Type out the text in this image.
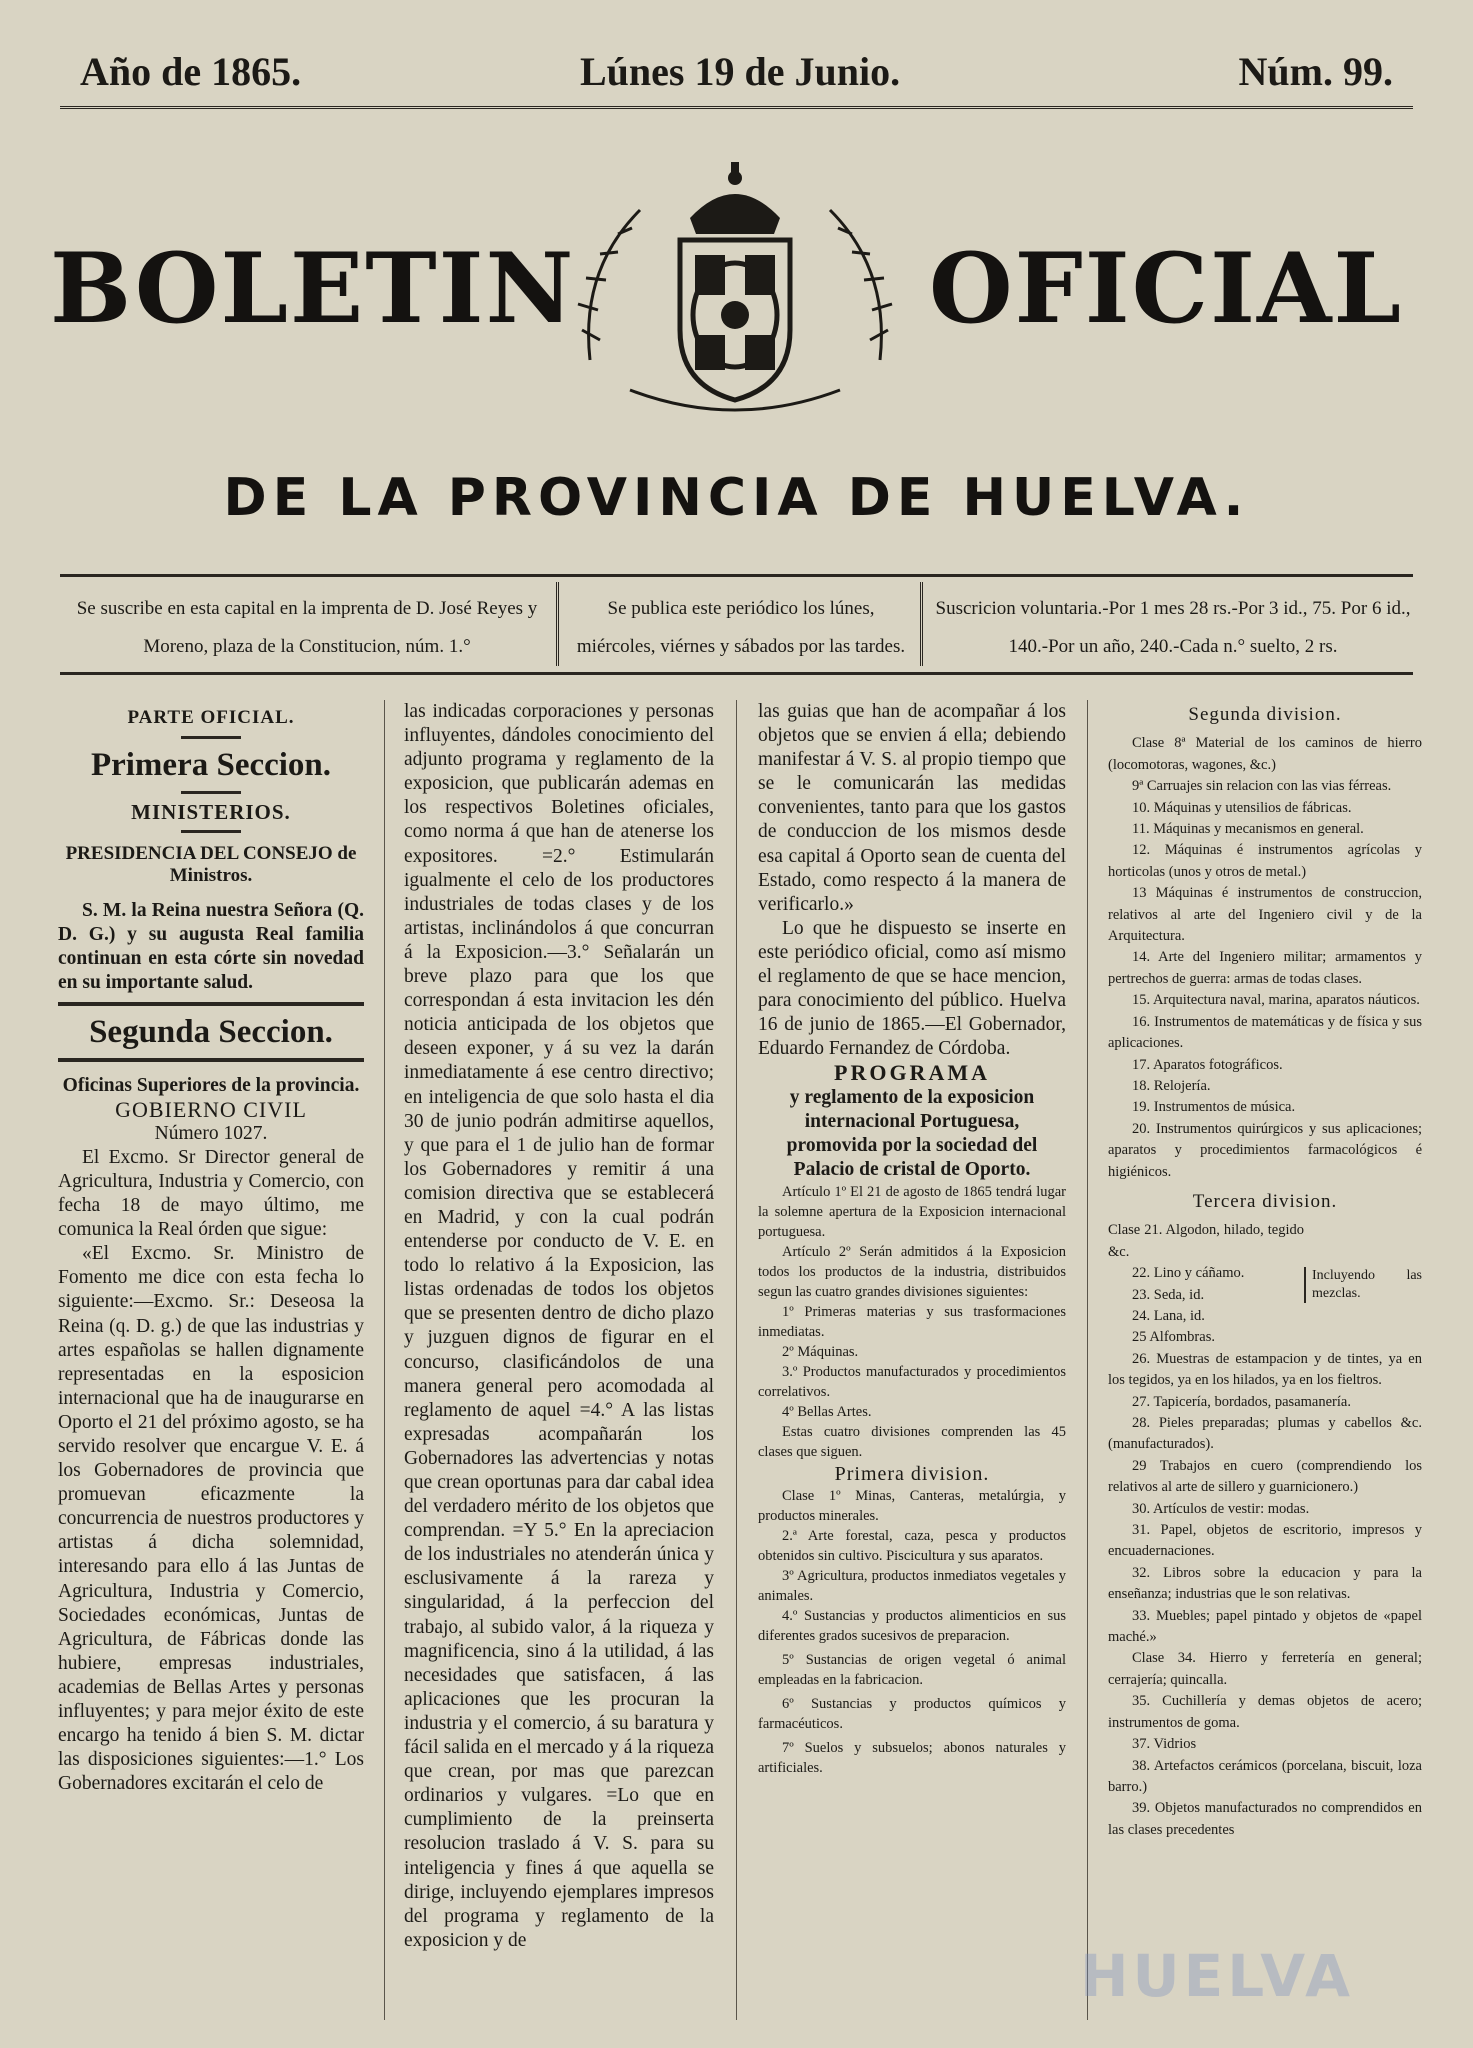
Año de 1865.	Lúnes 19 de Junio.	Núm. 99.
BOLETIN	OFICIAL
DE LA PROVINCIA DE HUELVA.
Se suscribe en esta capital en la imprenta de D. José Reyes y Moreno, plaza de la Constitucion, núm. 1.°
Se publica este periódico los lúnes, miércoles, viérnes y sábados por las tardes.
Suscricion voluntaria.-Por 1 mes 28 rs.-Por 3 id., 75. Por 6 id., 140.-Por un año, 240.-Cada n.° suelto, 2 rs.

PARTE OFICIAL.

Primera Seccion.

MINISTERIOS.

PRESIDENCIA DEL CONSEJO de Ministros.

S. M. la Reina nuestra Señora (Q. D. G.) y su augusta Real familia continuan en esta córte sin novedad en su importante salud.

Segunda Seccion.

Oficinas Superiores de la provincia.

GOBIERNO CIVIL

Número 1027.

El Excmo. Sr Director general de Agricultura, Industria y Comercio, con fecha 18 de mayo último, me comunica la Real órden que sigue:

«El Excmo. Sr. Ministro de Fomento me dice con esta fecha lo siguiente:—Excmo. Sr.: Deseosa la Reina (q. D. g.) de que las industrias y artes españolas se hallen dignamente representadas en la esposicion internacional que ha de inaugurarse en Oporto el 21 del próximo agosto, se ha servido resolver que encargue V. E. á los Gobernadores de provincia que promuevan eficazmente la concurrencia de nuestros productores y artistas á dicha solemnidad, interesando para ello á las Juntas de Agricultura, Industria y Comercio, Sociedades económicas, Juntas de Agricultura, de Fábricas donde las hubiere, empresas industriales, academias de Bellas Artes y personas influyentes; y para mejor éxito de este encargo ha tenido á bien S. M. dictar las disposiciones siguientes:—1.° Los Gobernadores excitarán el celo de

las indicadas corporaciones y personas influyentes, dándoles conocimiento del adjunto programa y reglamento de la exposicion, que publicarán ademas en los respectivos Boletines oficiales, como norma á que han de atenerse los expositores. =2.° Estimularán igualmente el celo de los productores industriales de todas clases y de los artistas, inclinándolos á que concurran á la Exposicion.—3.° Señalarán un breve plazo para que los que correspondan á esta invitacion les dén noticia anticipada de los objetos que deseen exponer, y á su vez la darán inmediatamente á ese centro directivo; en inteligencia de que solo hasta el dia 30 de junio podrán admitirse aquellos, y que para el 1 de julio han de formar los Gobernadores y remitir á una comision directiva que se establecerá en Madrid, y con la cual podrán entenderse por conducto de V. E. en todo lo relativo á la Exposicion, las listas ordenadas de todos los objetos que se presenten dentro de dicho plazo y juzguen dignos de figurar en el concurso, clasificándolos de una manera general pero acomodada al reglamento de aquel =4.° A las listas expresadas acompañarán los Gobernadores las advertencias y notas que crean oportunas para dar cabal idea del verdadero mérito de los objetos que comprendan. =Y 5.° En la apreciacion de los industriales no atenderán única y esclusivamente á la rareza y singularidad, á la perfeccion del trabajo, al subido valor, á la riqueza y magnificencia, sino á la utilidad, á las necesidades que satisfacen, á las aplicaciones que les procuran la industria y el comercio, á su baratura y fácil salida en el mercado y á la riqueza que crean, por mas que parezcan ordinarios y vulgares. =Lo que en cumplimiento de la preinserta resolucion traslado á V. S. para su inteligencia y fines á que aquella se dirige, incluyendo ejemplares impresos del programa y reglamento de la exposicion y de

las guias que han de acompañar á los objetos que se envien á ella; debiendo manifestar á V. S. al propio tiempo que se le comunicarán las medidas convenientes, tanto para que los gastos de conduccion de los mismos desde esa capital á Oporto sean de cuenta del Estado, como respecto á la manera de verificarlo.»

Lo que he dispuesto se inserte en este periódico oficial, como así mismo el reglamento de que se hace mencion, para conocimiento del público. Huelva 16 de junio de 1865.—El Gobernador, Eduardo Fernandez de Córdoba.

PROGRAMA

y reglamento de la exposicion internacional Portuguesa, promovida por la sociedad del Palacio de cristal de Oporto.

Artículo 1º El 21 de agosto de 1865 tendrá lugar la solemne apertura de la Exposicion internacional portuguesa.

Artículo 2º Serán admitidos á la Exposicion todos los productos de la industria, distribuidos segun las cuatro grandes divisiones siguientes:

1º Primeras materias y sus trasformaciones inmediatas.

2º Máquinas.

3.º Productos manufacturados y procedimientos correlativos.

4º Bellas Artes.

Estas cuatro divisiones comprenden las 45 clases que siguen.

Primera division.

Clase 1º Minas, Canteras, metalúrgia, y productos minerales.

2.ª Arte forestal, caza, pesca y productos obtenidos sin cultivo. Piscicultura y sus aparatos.

3º Agricultura, productos inmediatos vegetales y animales.

4.º Sustancias y productos alimenticios en sus diferentes grados sucesivos de preparacion.

5º Sustancias de origen vegetal ó animal empleadas en la fabricacion.

6º Sustancias y productos químicos y farmacéuticos.

7º Suelos y subsuelos; abonos naturales y artificiales.

Segunda division.

Clase 8ª Material de los caminos de hierro (locomotoras, wagones, &c.)

9ª Carruajes sin relacion con las vias férreas.

10. Máquinas y utensilios de fábricas.

11. Máquinas y mecanismos en general.

12. Máquinas é instrumentos agrícolas y horticolas (unos y otros de metal.)

13 Máquinas é instrumentos de construccion, relativos al arte del Ingeniero civil y de la Arquitectura.

14. Arte del Ingeniero militar; armamentos y pertrechos de guerra: armas de todas clases.

15. Arquitectura naval, marina, aparatos náuticos.

16. Instrumentos de matemáticas y de física y sus aplicaciones.

17. Aparatos fotográficos.

18. Relojería.

19. Instrumentos de música.

20. Instrumentos quirúrgicos y sus aplicaciones; aparatos y procedimientos farmacológicos é higiénicos.

Tercera division.

Clase 21. Algodon, hilado, tegido &c.

22. Lino y cáñamo.

23. Seda, id.

24. Lana, id.

25 Alfombras.

Incluyendo las mezclas.

26. Muestras de estampacion y de tintes, ya en los tegidos, ya en los hilados, ya en los fieltros.

27. Tapicería, bordados, pasamanería.

28. Pieles preparadas; plumas y cabellos &c. (manufacturados).

29 Trabajos en cuero (comprendiendo los relativos al arte de sillero y guarnicionero.)

30. Artículos de vestir: modas.

31. Papel, objetos de escritorio, impresos y encuadernaciones.

32. Libros sobre la educacion y para la enseñanza; industrias que le son relativas.

33. Muebles; papel pintado y objetos de «papel maché.»

Clase 34. Hierro y ferretería en general; cerrajería; quincalla.

35. Cuchillería y demas objetos de acero; instrumentos de goma.

37. Vidrios

38. Artefactos cerámicos (porcelana, biscuit, loza barro.)

39. Objetos manufacturados no comprendidos en las clases precedentes

HUELVA
